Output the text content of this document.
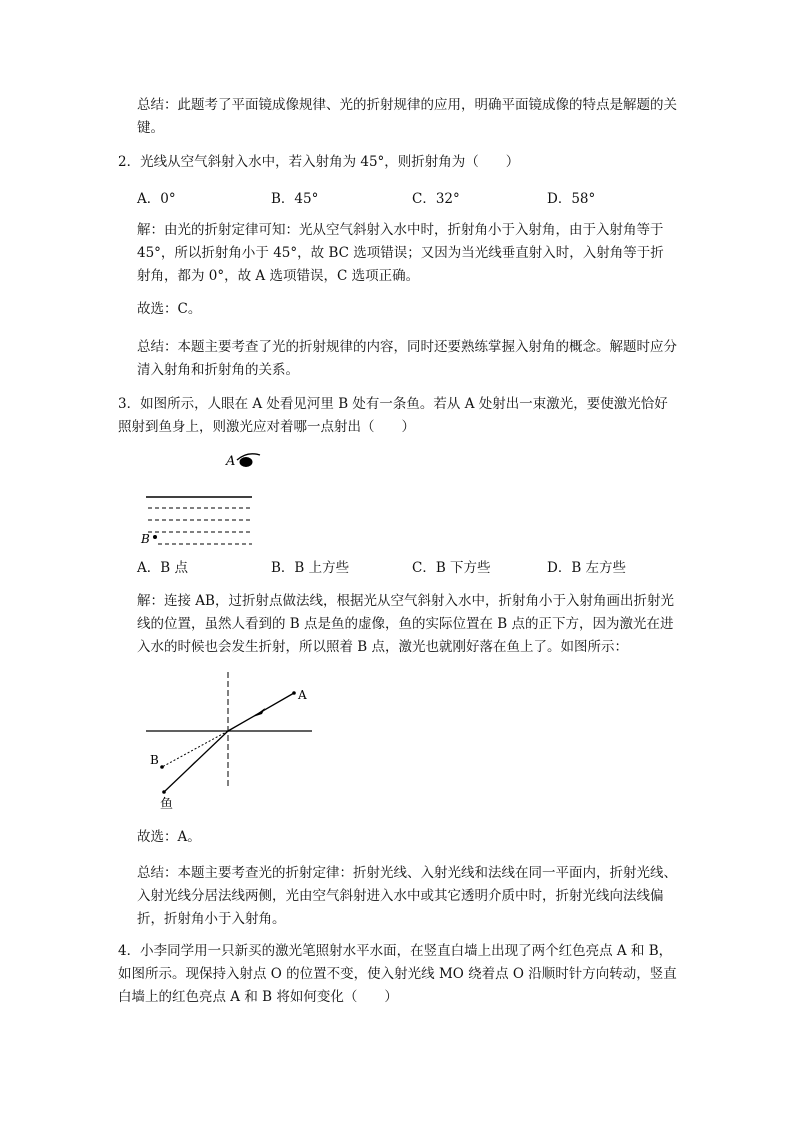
总结：此题考了平面镜成像规律、光的折射规律的应用，明确平面镜成像的特点是解题的关键。

2．光线从空气斜射入水中，若入射角为 45°，则折射角为（　　）

A．0°	B．45°	C．32°	D．58°

解：由光的折射定律可知：光从空气斜射入水中时，折射角小于入射角，由于入射角等于 45°，所以折射角小于 45°，故 BC 选项错误；又因为当光线垂直射入时，入射角等于折射角，都为 0°，故 A 选项错误，C 选项正确。

故选：C。

总结：本题主要考查了光的折射规律的内容，同时还要熟练掌握入射角的概念。解题时应分清入射角和折射角的关系。

3．如图所示，人眼在 A 处看见河里 B 处有一条鱼。若从 A 处射出一束激光，要使激光恰好照射到鱼身上，则激光应对着哪一点射出（　　）

A
B
A．B 点	B．B 上方些	C．B 下方些	D．B 左方些

解：连接 AB，过折射点做法线，根据光从空气斜射入水中，折射角小于入射角画出折射光线的位置，虽然人看到的 B 点是鱼的虚像，鱼的实际位置在 B 点的正下方，因为激光在进入水的时候也会发生折射，所以照着 B 点，激光也就刚好落在鱼上了。如图所示：

A
B
鱼

故选：A。

总结：本题主要考查光的折射定律：折射光线、入射光线和法线在同一平面内，折射光线、入射光线分居法线两侧，光由空气斜射进入水中或其它透明介质中时，折射光线向法线偏折，折射角小于入射角。

4．小李同学用一只新买的激光笔照射水平水面，在竖直白墙上出现了两个红色亮点 A 和 B，如图所示。现保持入射点 O 的位置不变，使入射光线 MO 绕着点 O 沿顺时针方向转动，竖直白墙上的红色亮点 A 和 B 将如何变化（　　）
